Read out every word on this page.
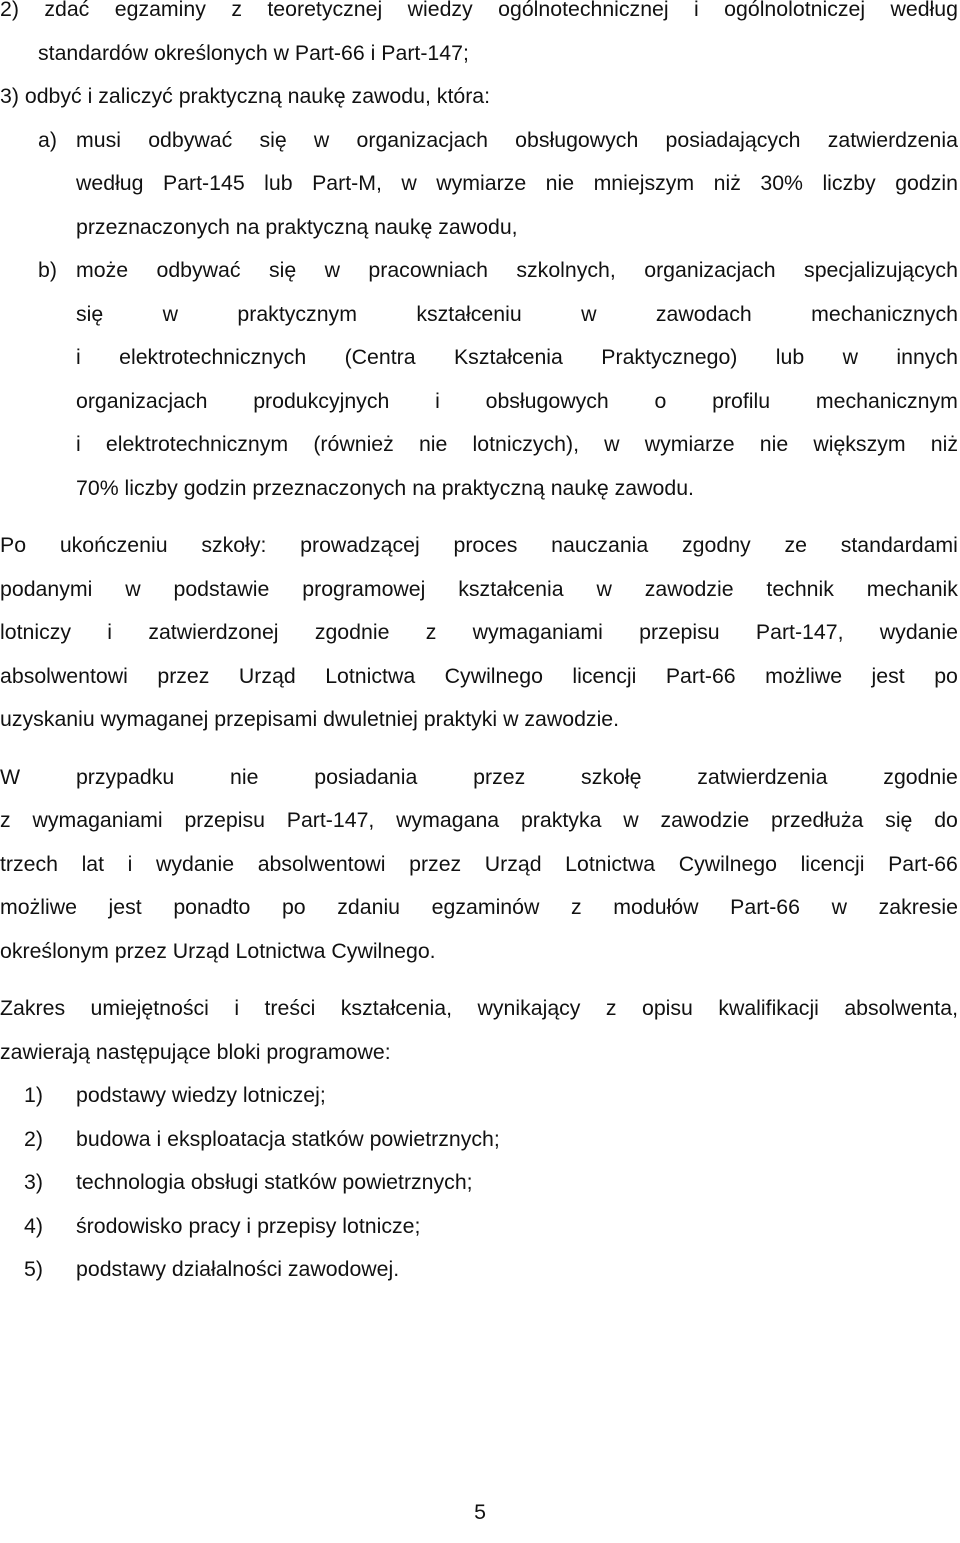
2) zdać egzaminy z teoretycznej wiedzy ogólnotechnicznej i ogólnolotniczej według
standardów określonych w Part-66 i Part-147;
3) odbyć i zaliczyć praktyczną naukę zawodu, która:
a) musi odbywać się w organizacjach obsługowych posiadających zatwierdzenia
według Part-145 lub Part-M, w wymiarze nie mniejszym niż 30% liczby godzin
przeznaczonych na praktyczną naukę zawodu,
b) może odbywać się w pracowniach szkolnych, organizacjach specjalizujących
się	w	praktycznym	kształceniu	w	zawodach	mechanicznych
i elektrotechnicznych (Centra Kształcenia Praktycznego) lub w innych
organizacjach produkcyjnych i obsługowych o profilu mechanicznym
i elektrotechnicznym (również nie lotniczych), w wymiarze nie większym niż
70% liczby godzin przeznaczonych na praktyczną naukę zawodu.
Po ukończeniu szkoły: prowadzącej proces nauczania zgodny ze standardami
podanymi w podstawie programowej kształcenia w zawodzie technik mechanik
lotniczy i zatwierdzonej zgodnie z wymaganiami przepisu Part-147, wydanie
absolwentowi przez Urząd Lotnictwa Cywilnego licencji Part-66 możliwe jest po
uzyskaniu wymaganej przepisami dwuletniej praktyki w zawodzie.
W	przypadku	nie	posiadania	przez	szkołę	zatwierdzenia	zgodnie
z wymaganiami przepisu Part-147, wymagana praktyka w zawodzie przedłuża się do
trzech lat i wydanie absolwentowi przez Urząd Lotnictwa Cywilnego licencji Part-66
możliwe jest ponadto po zdaniu egzaminów z modułów Part-66 w zakresie
określonym przez Urząd Lotnictwa Cywilnego.
Zakres umiejętności i treści kształcenia, wynikający z opisu kwalifikacji absolwenta,
zawierają następujące bloki programowe:
1)	podstawy wiedzy lotniczej;
2)	budowa i eksploatacja statków powietrznych;
3)	technologia obsługi statków powietrznych;
4)	środowisko pracy i przepisy lotnicze;
5)	podstawy działalności zawodowej.
5
